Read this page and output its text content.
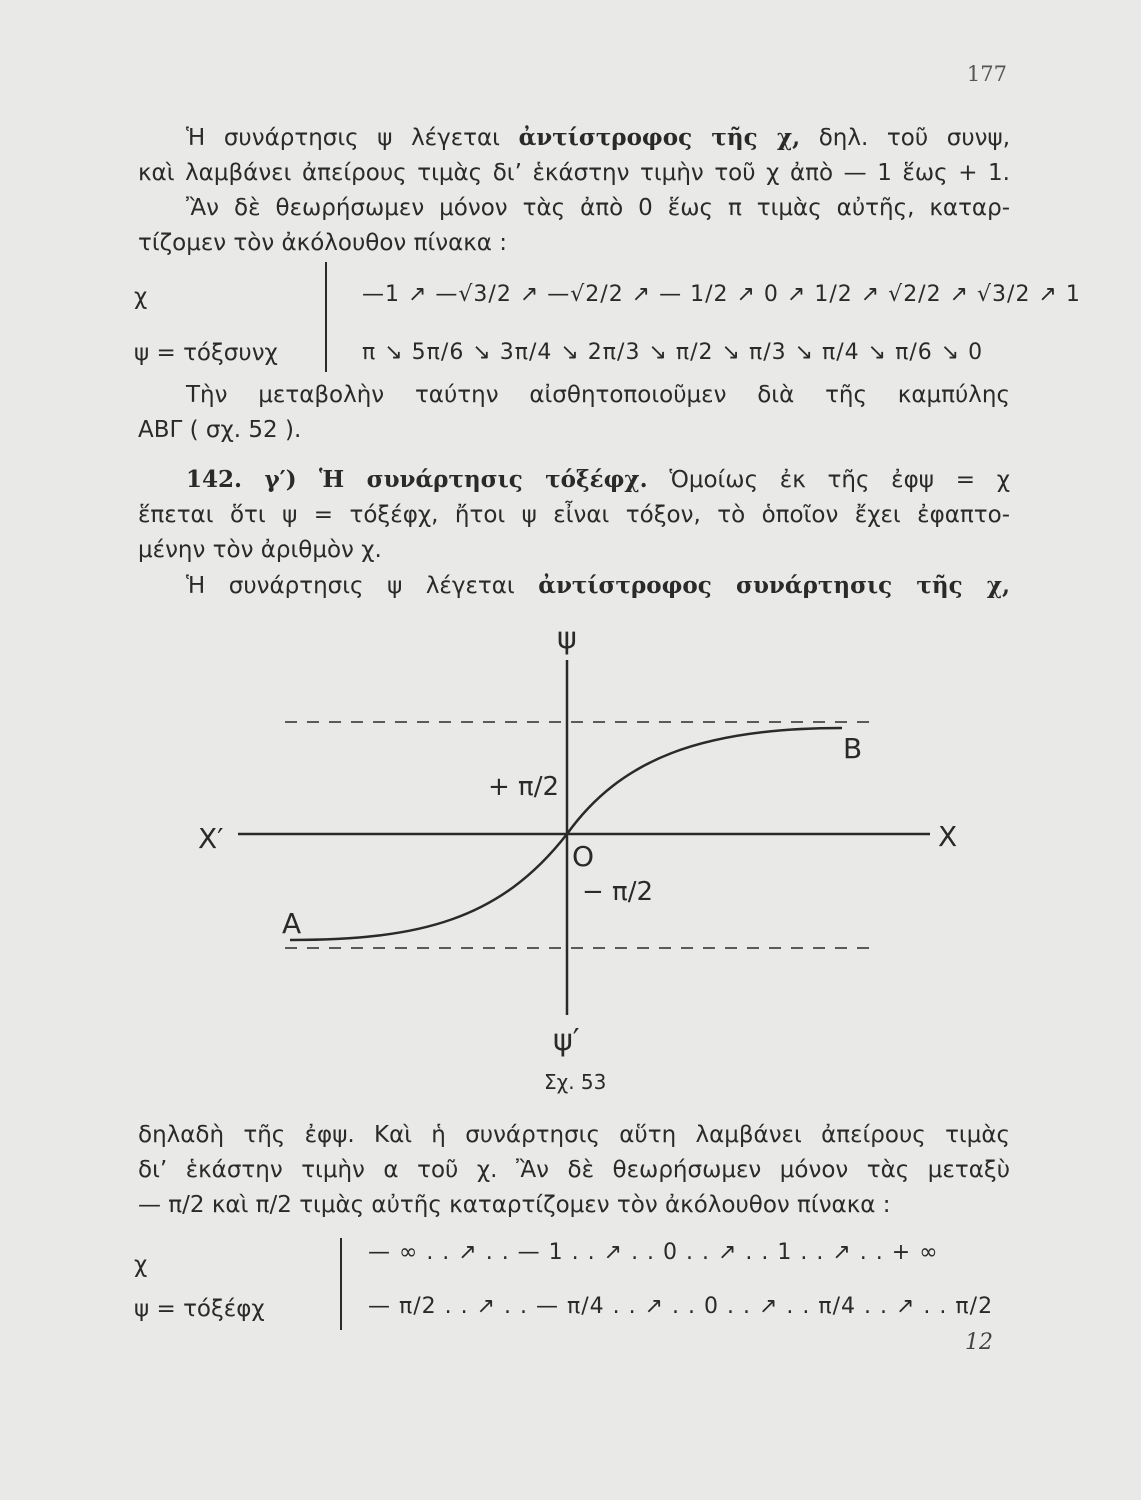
177
Ἡ συνάρτησις ψ λέγεται ἀντίστροφος τῆς χ, δηλ. τοῦ συνψ,
καὶ λαμβάνει ἀπείρους τιμὰς δι’ ἑκάστην τιμὴν τοῦ χ ἀπὸ — 1 ἕως + 1.
Ἂν δὲ θεωρήσωμεν μόνον τὰς ἀπὸ 0 ἕως π τιμὰς αὐτῆς, καταρ-
τίζομεν τὸν ἀκόλουθον πίνακα :
χ
ψ = τόξσυνχ
—1 ↗ —√3/2 ↗ —√2/2 ↗ — 1/2 ↗ 0 ↗ 1/2 ↗ √2/2 ↗ √3/2 ↗ 1
π ↘ 5π/6 ↘ 3π/4 ↘ 2π/3 ↘ π/2 ↘ π/3 ↘ π/4 ↘ π/6 ↘ 0
Τὴν μεταβολὴν ταύτην αἰσθητοποιοῦμεν διὰ τῆς καμπύλης
ΑΒΓ ( σχ. 52 ).
142. γ′) Ἡ συνάρτησις τόξέφχ. Ὁμοίως ἐκ τῆς ἐφψ = χ
ἕπεται ὅτι ψ = τόξέφχ, ἤτοι ψ εἶναι τόξον, τὸ ὁποῖον ἔχει ἐφαπτο-
μένην τὸν ἀριθμὸν χ.
Ἡ συνάρτησις ψ λέγεται ἀντίστροφος συνάρτησις τῆς χ,
ψ
ψ′
Χ
Χ′
Ο
Α
Β
+ π/2
− π/2
Σχ. 53
δηλαδὴ τῆς ἐφψ. Καὶ ἡ συνάρτησις αὕτη λαμβάνει ἀπείρους τιμὰς
δι’ ἑκάστην τιμὴν α τοῦ χ. Ἂν δὲ θεωρήσωμεν μόνον τὰς μεταξὺ
— π/2 καὶ π/2 τιμὰς αὐτῆς καταρτίζομεν τὸν ἀκόλουθον πίνακα :
χ
ψ = τόξέφχ
— ∞ . . ↗ . . — 1 . . ↗ . . 0 . . ↗ . . 1 . . ↗ . . + ∞
— π/2 . . ↗ . . — π/4 . . ↗ . . 0 . . ↗ . . π/4 . . ↗ . . π/2
12
